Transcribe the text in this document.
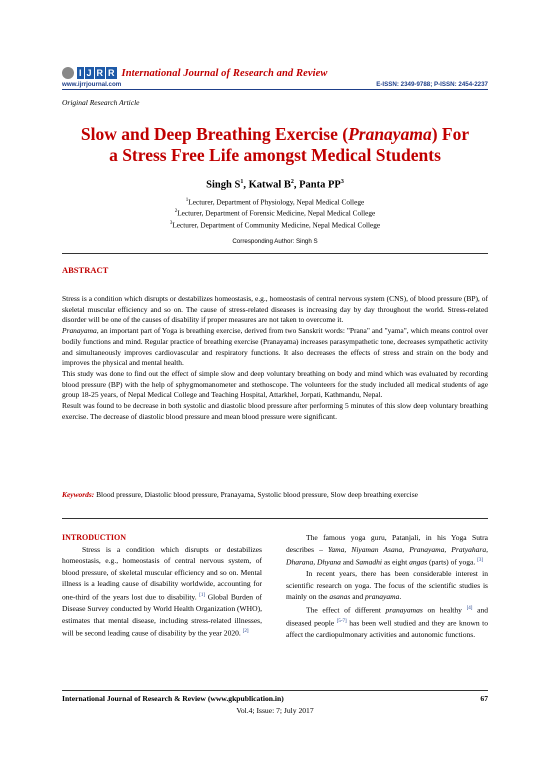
I J R R International Journal of Research and Review
www.ijrrjournal.com	E-ISSN: 2349-9788; P-ISSN: 2454-2237
Original Research Article
Slow and Deep Breathing Exercise (Pranayama) For
a Stress Free Life amongst Medical Students
Singh $S^1$, Katwal $B^2$, Panta $PP^3$
$^1$Lecturer, Department of Physiology, Nepal Medical College
$^2$Lecturer, Department of Forensic Medicine, Nepal Medical College
$^3$Lecturer, Department of Community Medicine, Nepal Medical College
Corresponding Author: Singh S
ABSTRACT

Stress is a condition which disrupts or destabilizes homeostasis, e.g., homeostasis of central nervous system (CNS), of blood pressure (BP), of skeletal muscular efficiency and so on. The cause of stress-related diseases is increasing day by day throughout the world. Stress-related disorder will be one of the causes of disability if proper measures are not taken to overcome it.

Pranayama, an important part of Yoga is breathing exercise, derived from two Sanskrit words: "Prana" and "yama", which means control over bodily functions and mind. Regular practice of breathing exercise (Pranayama) increases parasympathetic tone, decreases sympathetic activity and simultaneously improves cardiovascular and respiratory functions. It also decreases the effects of stress and strain on the body and improves the physical and mental health.

This study was done to find out the effect of simple slow and deep voluntary breathing on body and mind which was evaluated by recording blood pressure (BP) with the help of sphygmomanometer and stethoscope. The volunteers for the study included all medical students of age group 18-25 years, of Nepal Medical College and Teaching Hospital, Attarkhel, Jorpati, Kathmandu, Nepal.

Result was found to be decrease in both systolic and diastolic blood pressure after performing 5 minutes of this slow deep voluntary breathing exercise. The decrease of diastolic blood pressure and mean blood pressure were significant.

Keywords: Blood pressure, Diastolic blood pressure, Pranayama, Systolic blood pressure, Slow deep breathing exercise
INTRODUCTION

Stress is a condition which disrupts or destabilizes homeostasis, e.g., homeostasis of central nervous system, of blood pressure, of skeletal muscular efficiency and so on. Mental illness is a leading cause of disability worldwide, accounting for one-third of the years lost due to disability. [1] Global Burden of Disease Survey conducted by World Health Organization (WHO), estimates that mental disease, including stress-related illnesses, will be second leading cause of disability by the year 2020. [2]

The famous yoga guru, Patanjali, in his Yoga Sutra describes – Yama, Niyaman Asana, Pranayama, Pratyahara, Dharana, Dhyana and Samadhi as eight angas (parts) of yoga. [3]

In recent years, there has been considerable interest in scientific research on yoga. The focus of the scientific studies is mainly on the asanas and pranayama.

The effect of different pranayamas on healthy [4] and diseased people [5-7] has been well studied and they are known to affect the cardiopulmonary activities and autonomic functions.

International Journal of Research & Review (www.gkpublication.in)	67
Vol.4; Issue: 7; July 2017
